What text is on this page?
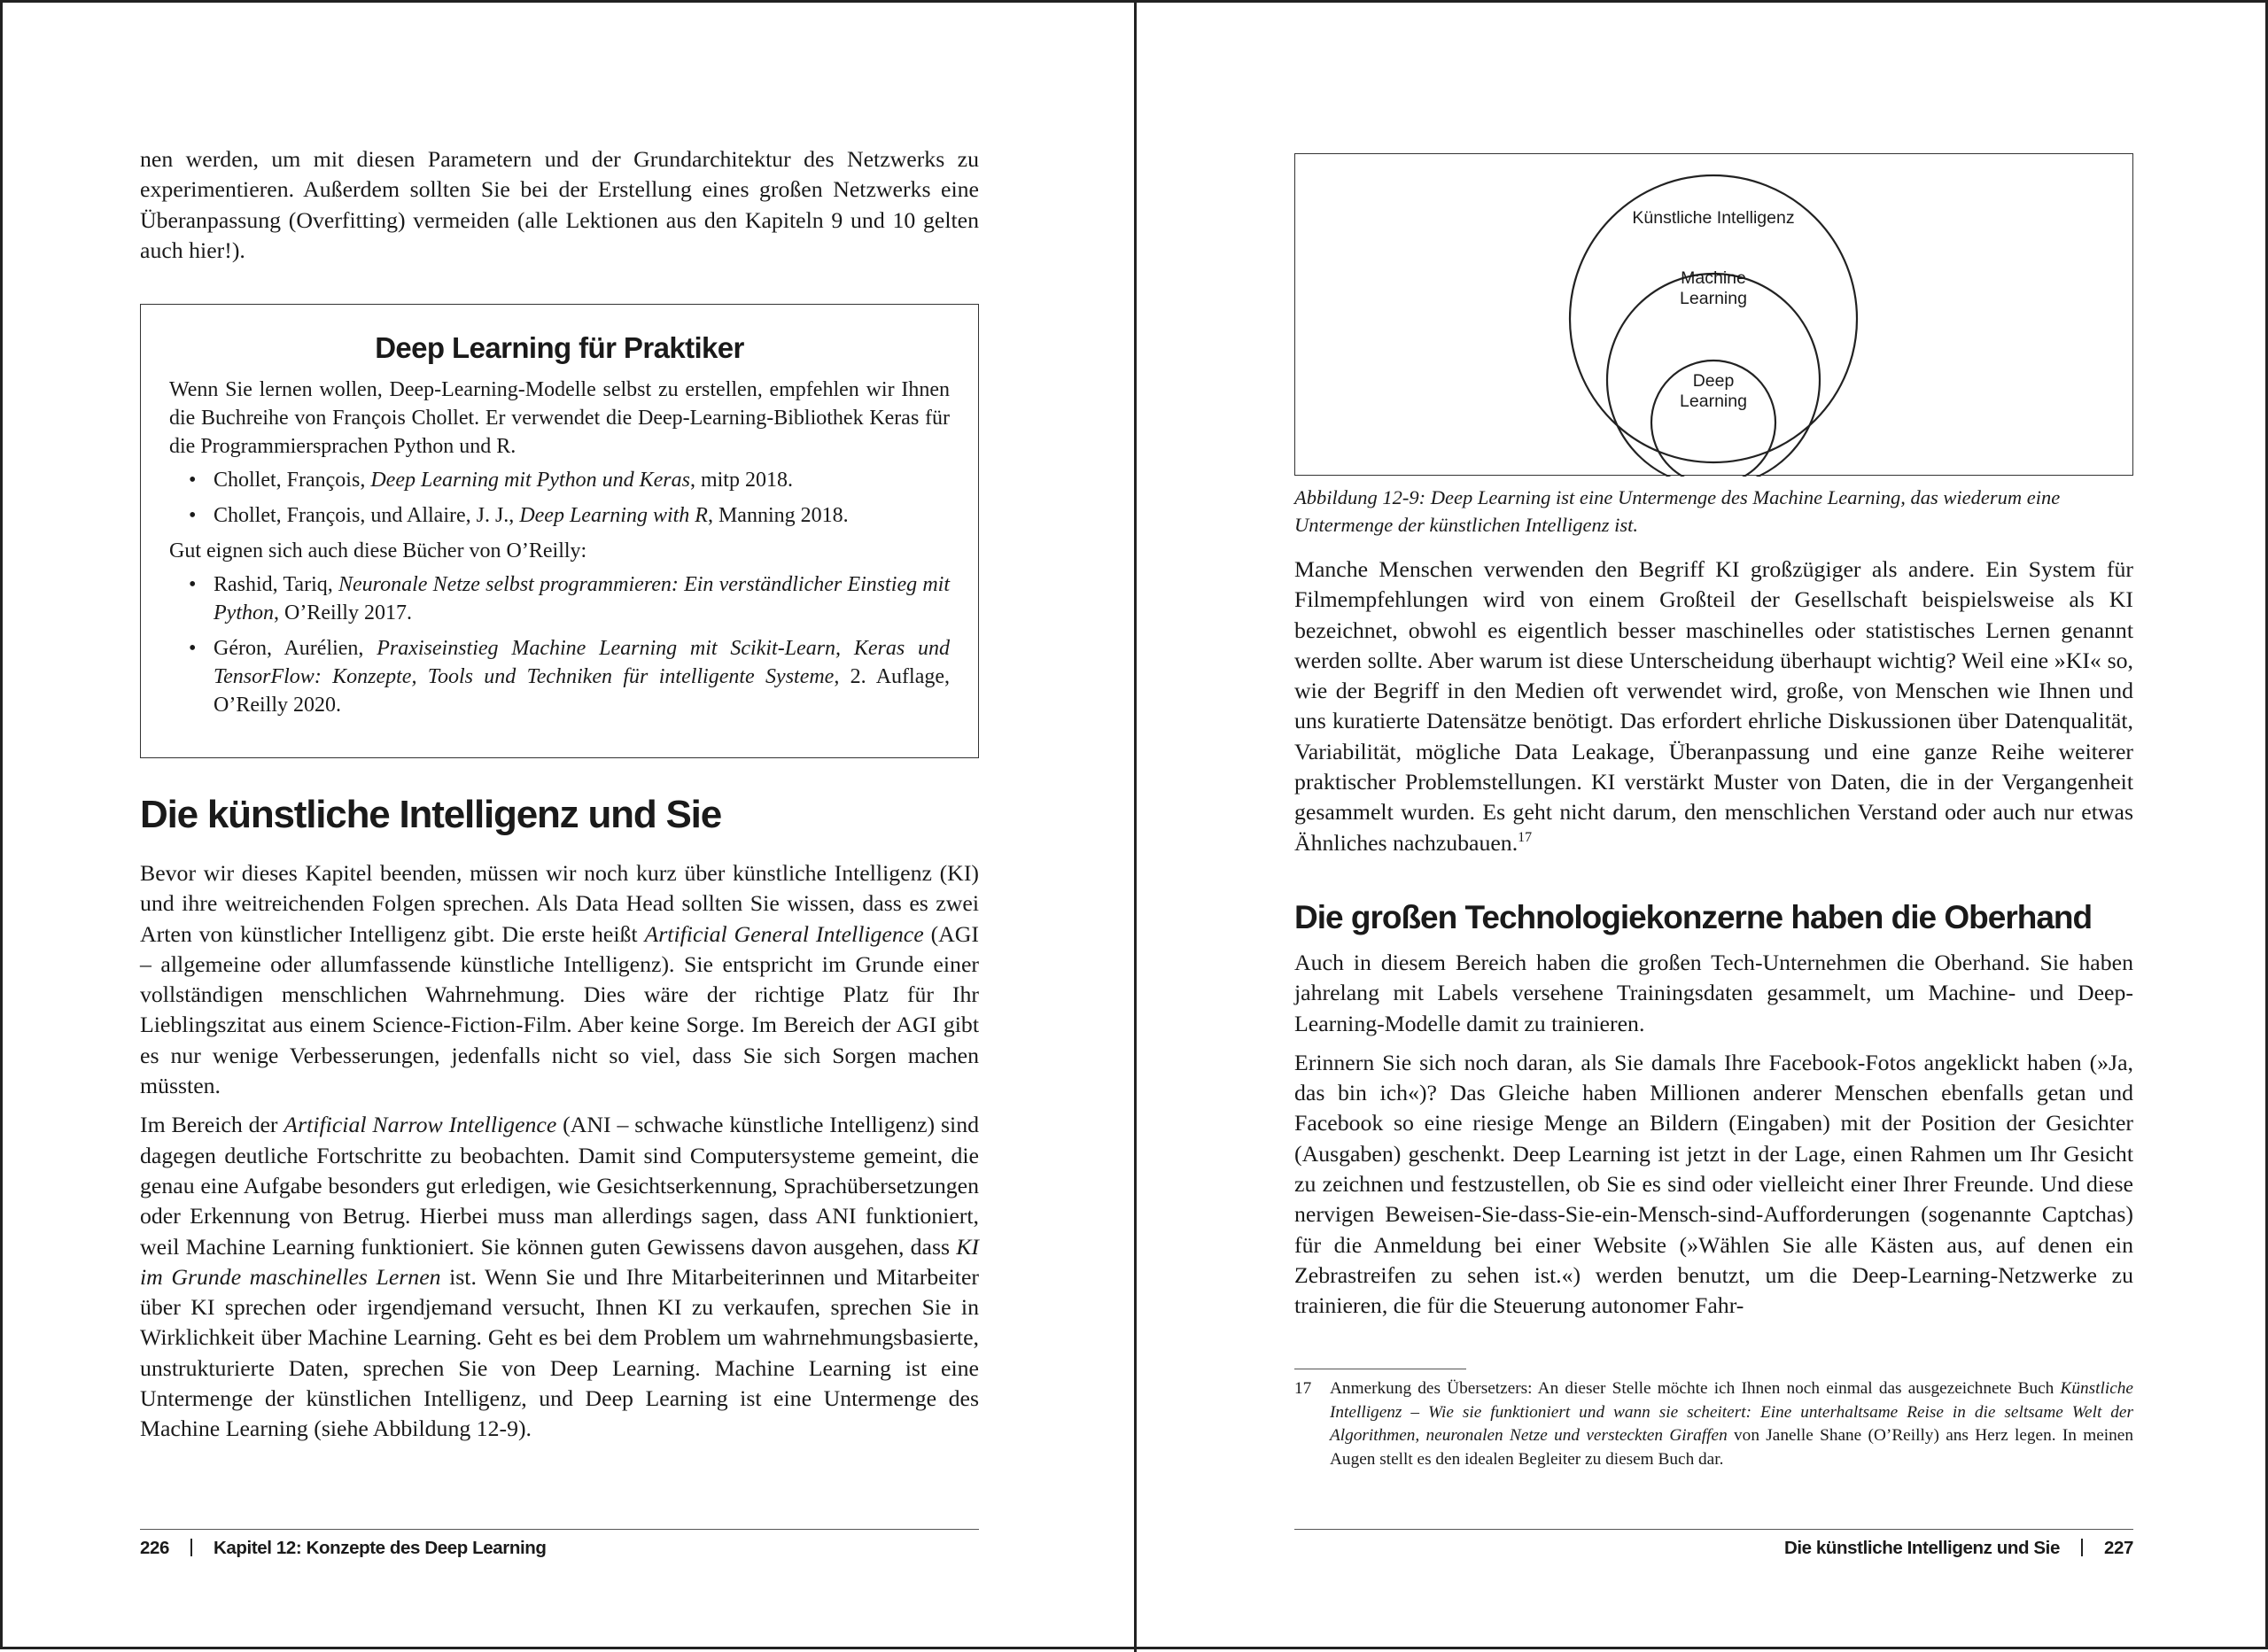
nen werden, um mit diesen Parametern und der Grundarchitektur des Netzwerks zu experimentieren. Außerdem sollten Sie bei der Erstellung eines großen Netzwerks eine Überanpassung (Overfitting) vermeiden (alle Lektionen aus den Kapiteln 9 und 10 gelten auch hier!).

Deep Learning für Praktiker

Wenn Sie lernen wollen, Deep-Learning-Modelle selbst zu erstellen, empfehlen wir Ihnen die Buchreihe von François Chollet. Er verwendet die Deep-Learning-Bibliothek Keras für die Programmiersprachen Python und R.

• Chollet, François, Deep Learning mit Python und Keras, mitp 2018.
• Chollet, François, und Allaire, J. J., Deep Learning with R, Manning 2018.

Gut eignen sich auch diese Bücher von O’Reilly:

• Rashid, Tariq, Neuronale Netze selbst programmieren: Ein verständlicher Einstieg mit Python, O’Reilly 2017.
• Géron, Aurélien, Praxiseinstieg Machine Learning mit Scikit-Learn, Keras und TensorFlow: Konzepte, Tools und Techniken für intelligente Systeme, 2. Auflage, O’Reilly 2020.
Die künstliche Intelligenz und Sie

Bevor wir dieses Kapitel beenden, müssen wir noch kurz über künstliche Intelligenz (KI) und ihre weitreichenden Folgen sprechen. Als Data Head sollten Sie wissen, dass es zwei Arten von künstlicher Intelligenz gibt. Die erste heißt Artificial General Intelligence (AGI – allgemeine oder allumfassende künstliche Intelligenz). Sie entspricht im Grunde einer vollständigen menschlichen Wahrnehmung. Dies wäre der richtige Platz für Ihr Lieblingszitat aus einem Science-Fiction-Film. Aber keine Sorge. Im Bereich der AGI gibt es nur wenige Verbesserungen, jedenfalls nicht so viel, dass Sie sich Sorgen machen müssten.

Im Bereich der Artificial Narrow Intelligence (ANI – schwache künstliche Intelligenz) sind dagegen deutliche Fortschritte zu beobachten. Damit sind Computersysteme gemeint, die genau eine Aufgabe besonders gut erledigen, wie Gesichtserkennung, Sprachübersetzungen oder Erkennung von Betrug. Hierbei muss man allerdings sagen, dass ANI funktioniert, weil Machine Learning funktioniert. Sie können guten Gewissens davon ausgehen, dass KI im Grunde maschinelles Lernen ist. Wenn Sie und Ihre Mitarbeiterinnen und Mitarbeiter über KI sprechen oder irgendjemand versucht, Ihnen KI zu verkaufen, sprechen Sie in Wirklichkeit über Machine Learning. Geht es bei dem Problem um wahrnehmungsbasierte, unstrukturierte Daten, sprechen Sie von Deep Learning. Machine Learning ist eine Untermenge der künstlichen Intelligenz, und Deep Learning ist eine Untermenge des Machine Learning (siehe Abbildung 12-9).

226 Kapitel 12: Konzepte des Deep Learning
Künstliche Intelligenz
Machine
Learning
Deep
Learning

Abbildung 12-9: Deep Learning ist eine Untermenge des Machine Learning, das wiederum eine Untermenge der künstlichen Intelligenz ist.

Manche Menschen verwenden den Begriff KI großzügiger als andere. Ein System für Filmempfehlungen wird von einem Großteil der Gesellschaft beispielsweise als KI bezeichnet, obwohl es eigentlich besser maschinelles oder statistisches Lernen genannt werden sollte. Aber warum ist diese Unterscheidung überhaupt wichtig? Weil eine »KI« so, wie der Begriff in den Medien oft verwendet wird, große, von Menschen wie Ihnen und uns kuratierte Datensätze benötigt. Das erfordert ehrliche Diskussionen über Datenqualität, Variabilität, mögliche Data Leakage, Überanpassung und eine ganze Reihe weiterer praktischer Problemstellungen. KI verstärkt Muster von Daten, die in der Vergangenheit gesammelt wurden. Es geht nicht darum, den menschlichen Verstand oder auch nur etwas Ähnliches nachzubauen.$^{17}$

Die großen Technologiekonzerne haben die Oberhand

Auch in diesem Bereich haben die großen Tech-Unternehmen die Oberhand. Sie haben jahrelang mit Labels versehene Trainingsdaten gesammelt, um Machine- und Deep-Learning-Modelle damit zu trainieren.

Erinnern Sie sich noch daran, als Sie damals Ihre Facebook-Fotos angeklickt haben (»Ja, das bin ich«)? Das Gleiche haben Millionen anderer Menschen ebenfalls getan und Facebook so eine riesige Menge an Bildern (Eingaben) mit der Position der Gesichter (Ausgaben) geschenkt. Deep Learning ist jetzt in der Lage, einen Rahmen um Ihr Gesicht zu zeichnen und festzustellen, ob Sie es sind oder vielleicht einer Ihrer Freunde. Und diese nervigen Beweisen-Sie-dass-Sie-ein-Mensch-sind-Aufforderungen (sogenannte Captchas) für die Anmeldung bei einer Website (»Wählen Sie alle Kästen aus, auf denen ein Zebrastreifen zu sehen ist.«) werden benutzt, um die Deep-Learning-Netzwerke zu trainieren, die für die Steuerung autonomer Fahr-

17 Anmerkung des Übersetzers: An dieser Stelle möchte ich Ihnen noch einmal das ausgezeichnete Buch Künstliche Intelligenz – Wie sie funktioniert und wann sie scheitert: Eine unterhaltsame Reise in die seltsame Welt der Algorithmen, neuronalen Netze und versteckten Giraffen von Janelle Shane (O’Reilly) ans Herz legen. In meinen Augen stellt es den idealen Begleiter zu diesem Buch dar.

Die künstliche Intelligenz und Sie 227
